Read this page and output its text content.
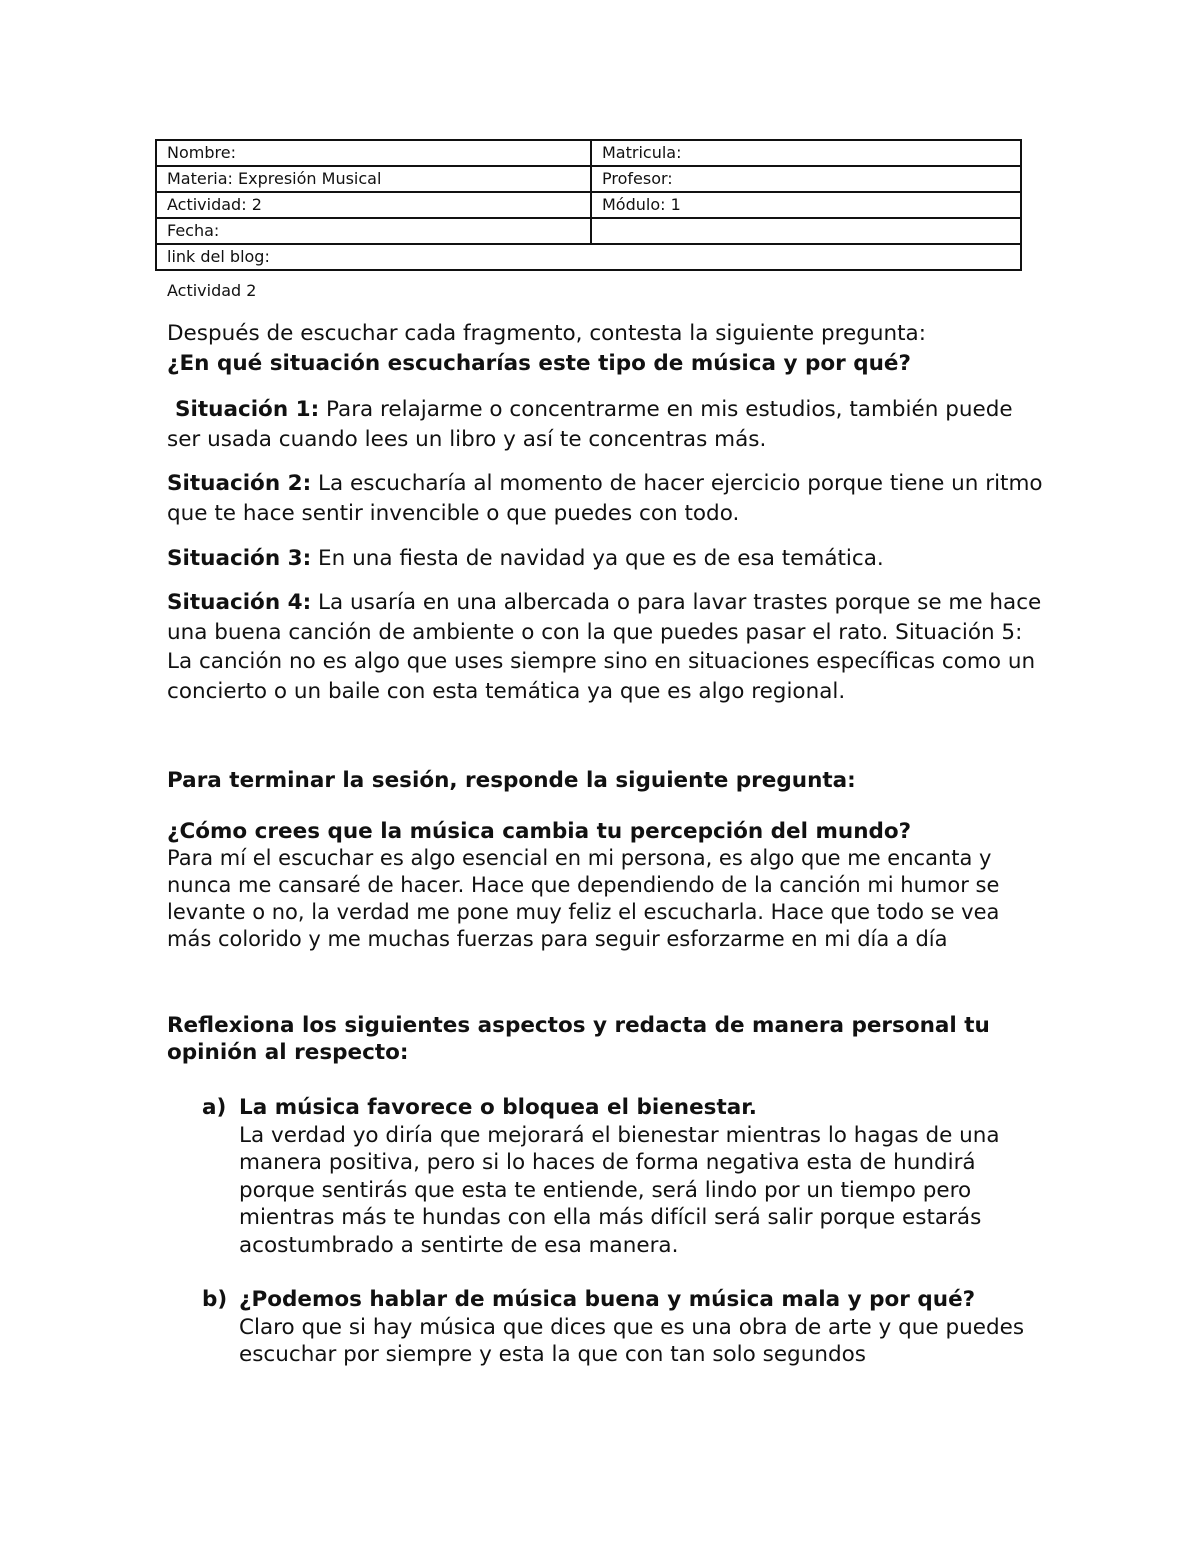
Nombre:	Matricula:
Materia: Expresión Musical	Profesor:
Actividad: 2	Módulo: 1
Fecha:	
link del blog:	
Actividad 2

Después de escuchar cada fragmento, contesta la siguiente pregunta:
¿En qué situación escucharías este tipo de música y por qué?

Situación 1: Para relajarme o concentrarme en mis estudios, también puede ser usada cuando lees un libro y así te concentras más.

Situación 2: La escucharía al momento de hacer ejercicio porque tiene un ritmo que te hace sentir invencible o que puedes con todo.

Situación 3: En una fiesta de navidad ya que es de esa temática.

Situación 4: La usaría en una albercada o para lavar trastes porque se me hace una buena canción de ambiente o con la que puedes pasar el rato. Situación 5: La canción no es algo que uses siempre sino en situaciones específicas como un concierto o un baile con esta temática ya que es algo regional.

Para terminar la sesión, responde la siguiente pregunta:

¿Cómo crees que la música cambia tu percepción del mundo?
Para mí el escuchar es algo esencial en mi persona, es algo que me encanta y nunca me cansaré de hacer. Hace que dependiendo de la canción mi humor se levante o no, la verdad me pone muy feliz el escucharla. Hace que todo se vea más colorido y me muchas fuerzas para seguir esforzarme en mi día a día

Reflexiona los siguientes aspectos y redacta de manera personal tu opinión al respecto:

a) La música favorece o bloquea el bienestar.
La verdad yo diría que mejorará el bienestar mientras lo hagas de una manera positiva, pero si lo haces de forma negativa esta de hundirá porque sentirás que esta te entiende, será lindo por un tiempo pero mientras más te hundas con ella más difícil será salir porque estarás acostumbrado a sentirte de esa manera.
b) ¿Podemos hablar de música buena y música mala y por qué?
Claro que si hay música que dices que es una obra de arte y que puedes escuchar por siempre y esta la que con tan solo segundos
